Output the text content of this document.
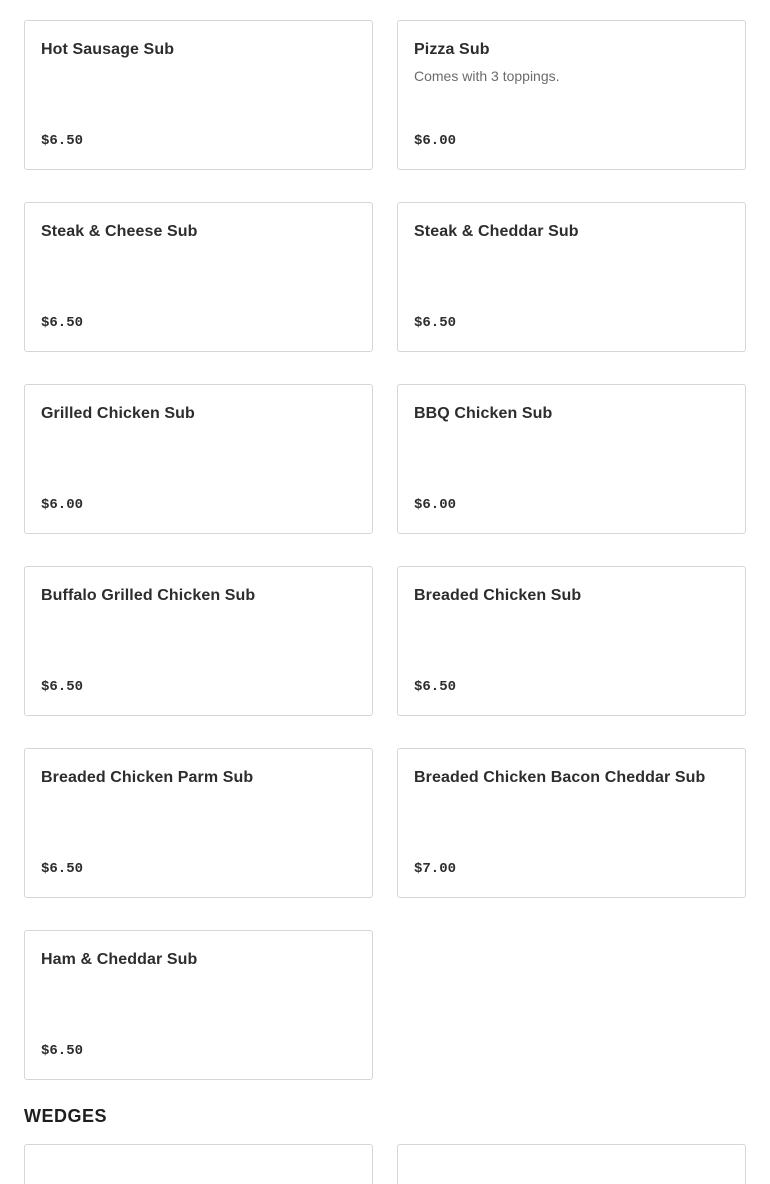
Hot Sausage Sub
$6.50
Pizza Sub
Comes with 3 toppings.
$6.00
Steak & Cheese Sub
$6.50
Steak & Cheddar Sub
$6.50
Grilled Chicken Sub
$6.00
BBQ Chicken Sub
$6.00
Buffalo Grilled Chicken Sub
$6.50
Breaded Chicken Sub
$6.50
Breaded Chicken Parm Sub
$6.50
Breaded Chicken Bacon Cheddar Sub
$7.00
Ham & Cheddar Sub
$6.50
WEDGES
